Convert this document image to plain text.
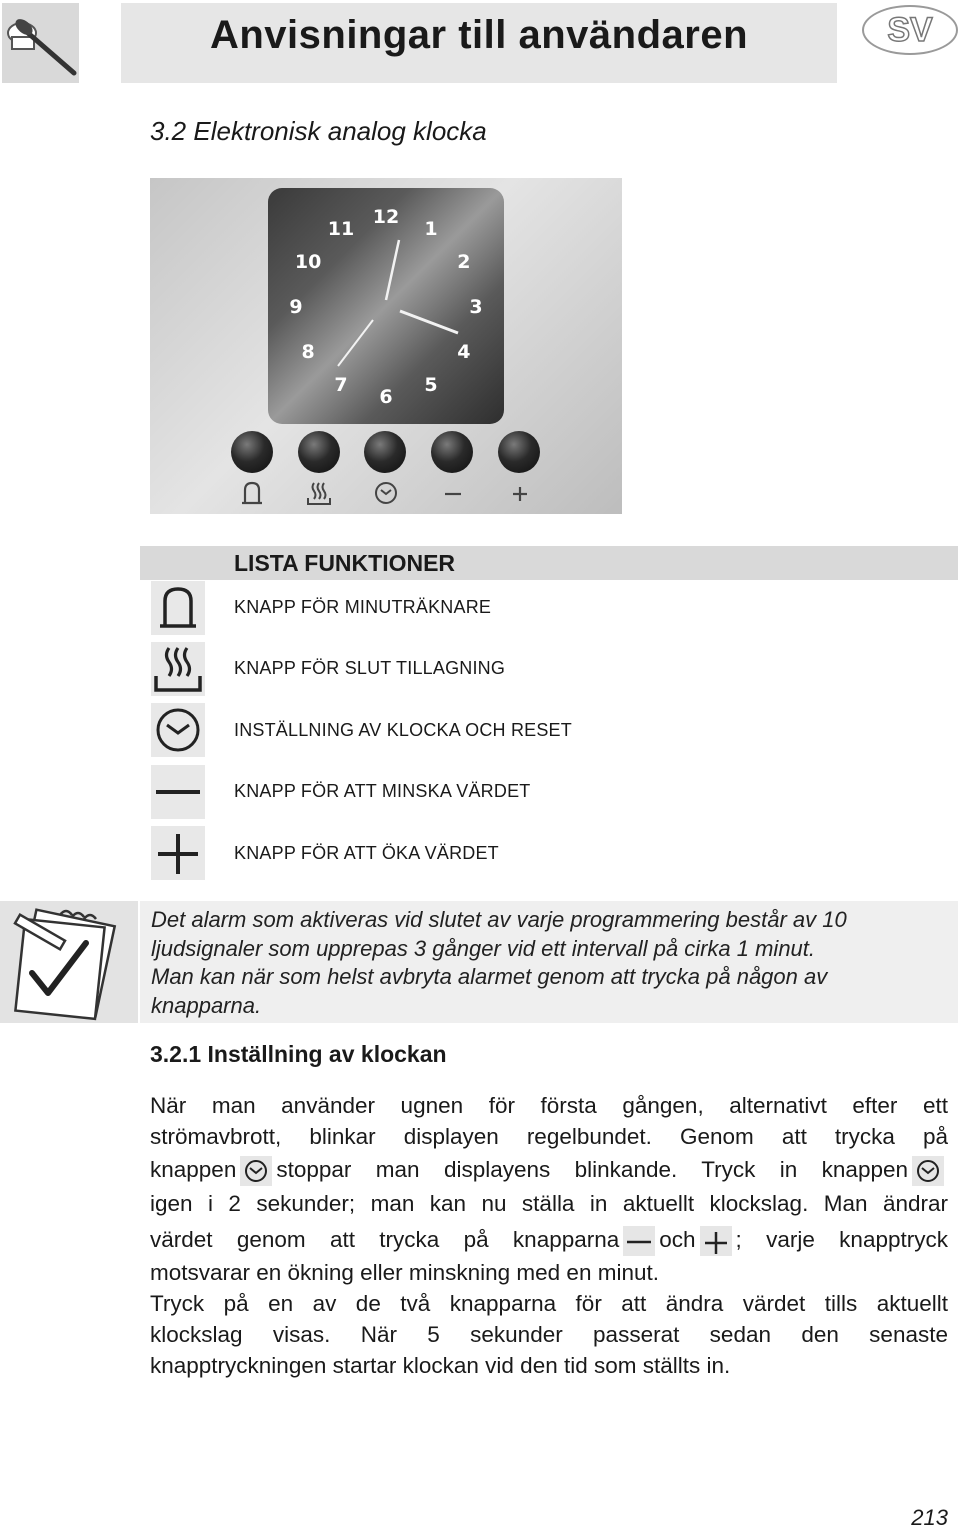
Anvisningar till användaren	SV
3.2 Elektronisk analog klocka
12
1
2
3
4
5
6
7
8
9
10
11
LISTA FUNKTIONER
KNAPP FÖR MINUTRÄKNARE
KNAPP FÖR SLUT TILLAGNING
INSTÄLLNING AV KLOCKA OCH RESET
KNAPP FÖR ATT MINSKA VÄRDET
KNAPP FÖR ATT ÖKA VÄRDET
Det alarm som aktiveras vid slutet av varje programmering består av 10
ljudsignaler som upprepas 3 gånger vid ett intervall på cirka 1 minut.
Man kan när som helst avbryta alarmet genom att trycka på någon av
knapparna.
3.2.1 Inställning av klockan
När man använder ugnen för första gången, alternativt efter ett
strömavbrott, blinkar displayen regelbundet. Genom att trycka på
knappen stoppar man displayens blinkande. Tryck in knappen
igen i 2 sekunder; man kan nu ställa in aktuellt klockslag. Man ändrar
värdet genom att trycka på knapparna och ; varje knapptryck
motsvarar en ökning eller minskning med en minut.
Tryck på en av de två knapparna för att ändra värdet tills aktuellt
klockslag visas. När 5 sekunder passerat sedan den senaste
knapptryckningen startar klockan vid den tid som ställts in.
213
